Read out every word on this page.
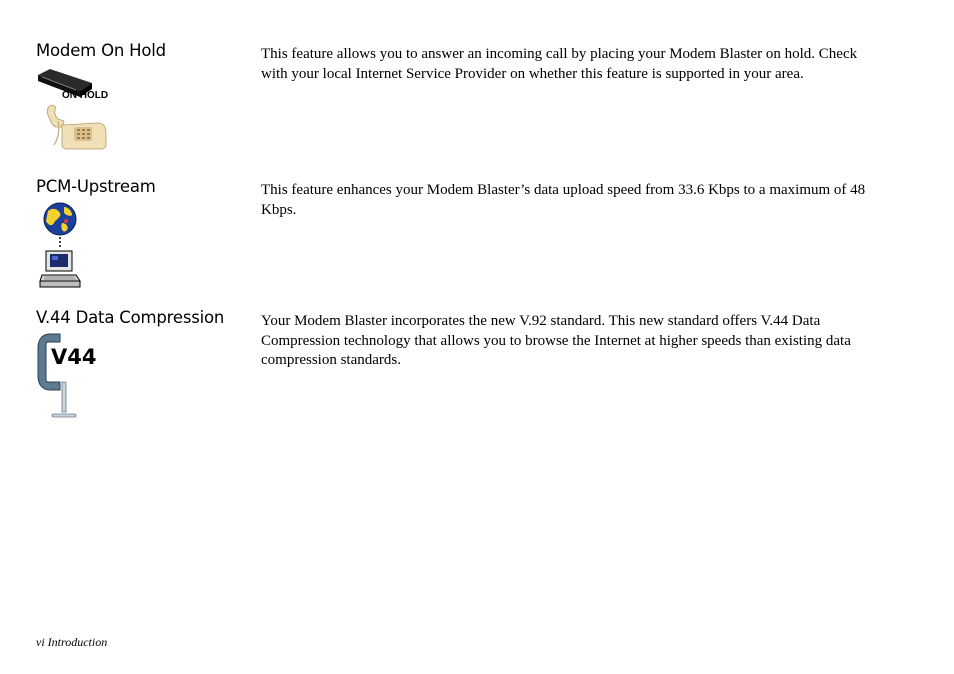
Modem On Hold	This feature allows you to answer an incoming call by placing your Modem Blaster on hold. Check with your local Internet Service Provider on whether this feature is supported in your area.
ON HOLD
PCM-Upstream	This feature enhances your Modem Blaster’s data upload speed from 33.6 Kbps to a maximum of 48 Kbps.
V.44 Data Compression Your Modem Blaster incorporates the new V.92 standard. This new standard offers V.44 Data Compression technology that allows you to browse the Internet at higher speeds than existing data compression standards.
V44
vi Introduction
